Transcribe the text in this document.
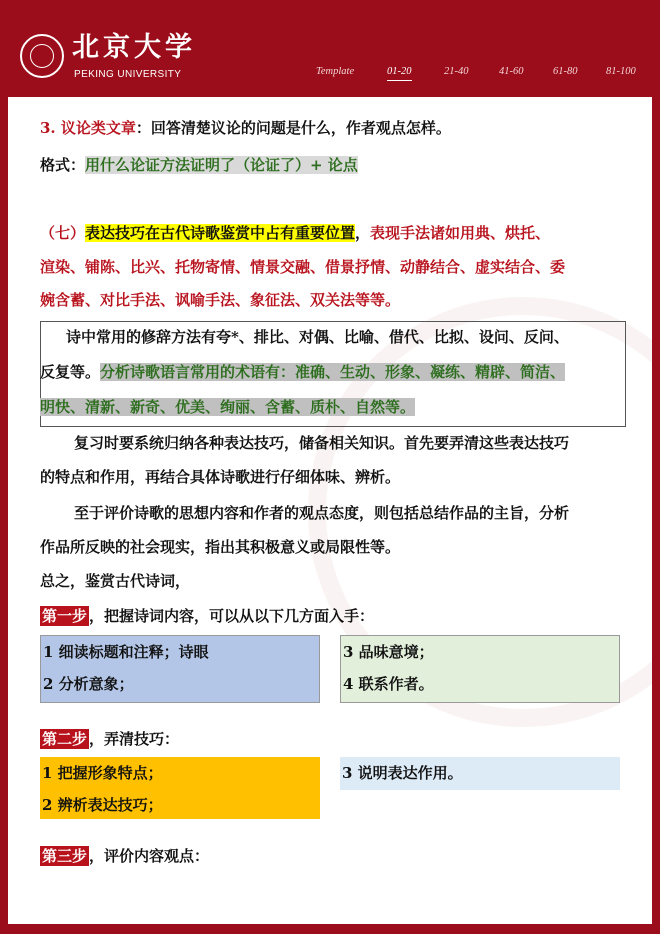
北京大学
PEKING UNIVERSITY	Template	01-20	21-40	41-60	61-80	81-100
3. 议论类文章：回答清楚议论的问题是什么，作者观点怎样。
格式：用什么论证方法证明了（论证了）+ 论点
（七）表达技巧在古代诗歌鉴赏中占有重要位置，表现手法诸如用典、烘托、
渲染、铺陈、比兴、托物寄情、情景交融、借景抒情、动静结合、虚实结合、委
婉含蓄、对比手法、讽喻手法、象征法、双关法等等。
诗中常用的修辞方法有夸*、排比、对偶、比喻、借代、比拟、设问、反问、
反复等。分析诗歌语言常用的术语有：准确、生动、形象、凝练、精辟、简洁、
明快、清新、新奇、优美、绚丽、含蓄、质朴、自然等。
复习时要系统归纳各种表达技巧，储备相关知识。首先要弄清这些表达技巧
的特点和作用，再结合具体诗歌进行仔细体味、辨析。
至于评价诗歌的思想内容和作者的观点态度，则包括总结作品的主旨，分析
作品所反映的社会现实，指出其积极意义或局限性等。
总之，鉴赏古代诗词，
第一步 ，把握诗词内容，可以从以下几方面入手：
1 细读标题和注释；诗眼
2 分析意象；
3 品味意境；
4 联系作者。
第二步 ，弄清技巧：
1 把握形象特点；
2 辨析表达技巧；
3 说明表达作用。
第三步 ，评价内容观点：
